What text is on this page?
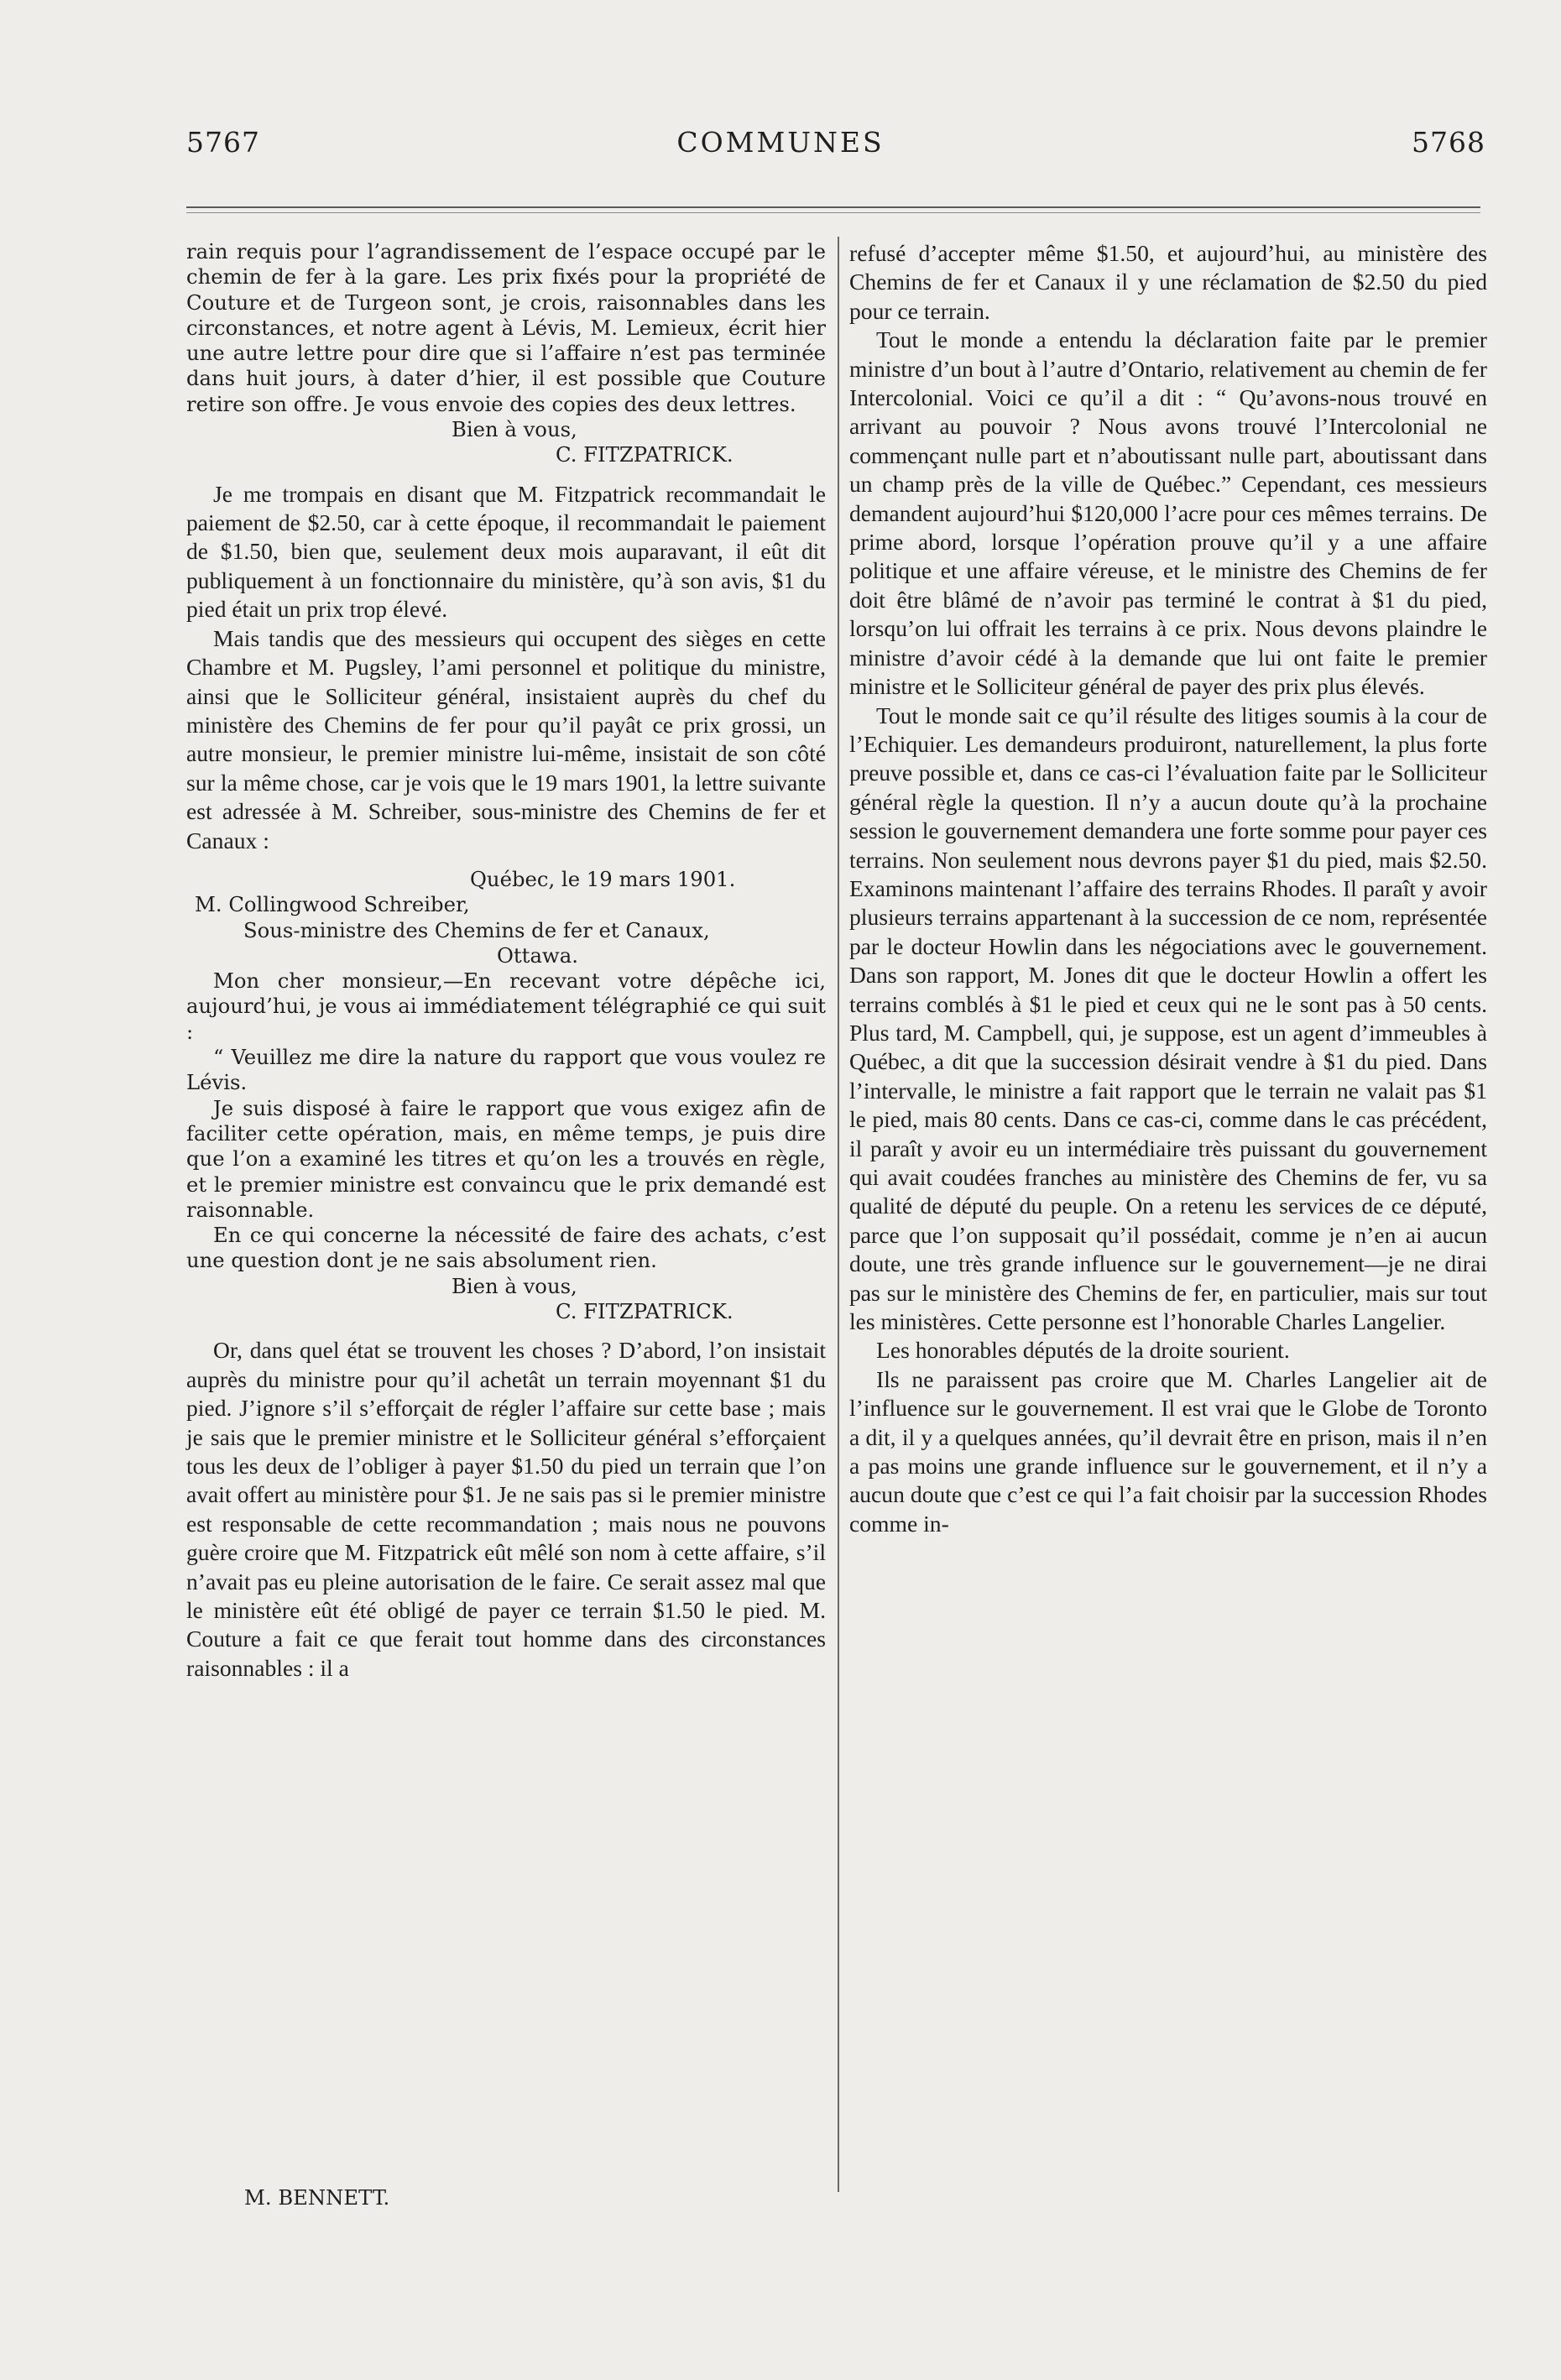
5767	COMMUNES	5768

rain requis pour l’agrandissement de l’espace occupé par le chemin de fer à la gare. Les prix fixés pour la propriété de Couture et de Turgeon sont, je crois, raisonnables dans les circonstances, et notre agent à Lévis, M. Lemieux, écrit hier une autre lettre pour dire que si l’affaire n’est pas terminée dans huit jours, à dater d’hier, il est possible que Couture retire son offre. Je vous envoie des copies des deux lettres.

Bien à vous,

C. FITZPATRICK.

Je me trompais en disant que M. Fitzpatrick recommandait le paiement de $2.50, car à cette époque, il recommandait le paiement de $1.50, bien que, seulement deux mois auparavant, il eût dit publiquement à un fonctionnaire du ministère, qu’à son avis, $1 du pied était un prix trop élevé.

Mais tandis que des messieurs qui occupent des sièges en cette Chambre et M. Pugsley, l’ami personnel et politique du ministre, ainsi que le Solliciteur général, insistaient auprès du chef du ministère des Chemins de fer pour qu’il payât ce prix grossi, un autre monsieur, le premier ministre lui-même, insistait de son côté sur la même chose, car je vois que le 19 mars 1901, la lettre suivante est adressée à M. Schreiber, sous-ministre des Chemins de fer et Canaux :

Québec, le 19 mars 1901.

M. Collingwood Schreiber,

Sous-ministre des Chemins de fer et Canaux,

Ottawa.

Mon cher monsieur,—En recevant votre dépêche ici, aujourd’hui, je vous ai immédiatement télégraphié ce qui suit :

“ Veuillez me dire la nature du rapport que vous voulez re Lévis.

Je suis disposé à faire le rapport que vous exigez afin de faciliter cette opération, mais, en même temps, je puis dire que l’on a examiné les titres et qu’on les a trouvés en règle, et le premier ministre est convaincu que le prix demandé est raisonnable.

En ce qui concerne la nécessité de faire des achats, c’est une question dont je ne sais absolument rien.

Bien à vous,

C. FITZPATRICK.

Or, dans quel état se trouvent les choses ? D’abord, l’on insistait auprès du ministre pour qu’il achetât un terrain moyennant $1 du pied. J’ignore s’il s’efforçait de régler l’affaire sur cette base ; mais je sais que le premier ministre et le Solliciteur général s’efforçaient tous les deux de l’obliger à payer $1.50 du pied un terrain que l’on avait offert au ministère pour $1. Je ne sais pas si le premier ministre est responsable de cette recommandation ; mais nous ne pouvons guère croire que M. Fitzpatrick eût mêlé son nom à cette affaire, s’il n’avait pas eu pleine autorisation de le faire. Ce serait assez mal que le ministère eût été obligé de payer ce terrain $1.50 le pied. M. Couture a fait ce que ferait tout homme dans des circonstances raisonnables : il a

refusé d’accepter même $1.50, et aujourd’hui, au ministère des Chemins de fer et Canaux il y une réclamation de $2.50 du pied pour ce terrain.

Tout le monde a entendu la déclaration faite par le premier ministre d’un bout à l’autre d’Ontario, relativement au chemin de fer Intercolonial. Voici ce qu’il a dit : “ Qu’avons-nous trouvé en arrivant au pouvoir ? Nous avons trouvé l’Intercolonial ne commençant nulle part et n’aboutissant nulle part, aboutissant dans un champ près de la ville de Québec.” Cependant, ces messieurs demandent aujourd’hui $120,000 l’acre pour ces mêmes terrains. De prime abord, lorsque l’opération prouve qu’il y a une affaire politique et une affaire véreuse, et le ministre des Chemins de fer doit être blâmé de n’avoir pas terminé le contrat à $1 du pied, lorsqu’on lui offrait les terrains à ce prix. Nous devons plaindre le ministre d’avoir cédé à la demande que lui ont faite le premier ministre et le Solliciteur général de payer des prix plus élevés.

Tout le monde sait ce qu’il résulte des litiges soumis à la cour de l’Echiquier. Les demandeurs produiront, naturellement, la plus forte preuve possible et, dans ce cas-ci l’évaluation faite par le Solliciteur général règle la question. Il n’y a aucun doute qu’à la prochaine session le gouvernement demandera une forte somme pour payer ces terrains. Non seulement nous devrons payer $1 du pied, mais $2.50. Examinons maintenant l’affaire des terrains Rhodes. Il paraît y avoir plusieurs terrains appartenant à la succession de ce nom, représentée par le docteur Howlin dans les négociations avec le gouvernement. Dans son rapport, M. Jones dit que le docteur Howlin a offert les terrains comblés à $1 le pied et ceux qui ne le sont pas à 50 cents. Plus tard, M. Campbell, qui, je suppose, est un agent d’immeubles à Québec, a dit que la succession désirait vendre à $1 du pied. Dans l’intervalle, le ministre a fait rapport que le terrain ne valait pas $1 le pied, mais 80 cents. Dans ce cas-ci, comme dans le cas précédent, il paraît y avoir eu un intermédiaire très puissant du gouvernement qui avait coudées franches au ministère des Chemins de fer, vu sa qualité de député du peuple. On a retenu les services de ce député, parce que l’on supposait qu’il possédait, comme je n’en ai aucun doute, une très grande influence sur le gouvernement—je ne dirai pas sur le ministère des Chemins de fer, en particulier, mais sur tout les ministères. Cette personne est l’honorable Charles Langelier.

Les honorables députés de la droite sourient.

Ils ne paraissent pas croire que M. Charles Langelier ait de l’influence sur le gouvernement. Il est vrai que le Globe de Toronto a dit, il y a quelques années, qu’il devrait être en prison, mais il n’en a pas moins une grande influence sur le gouvernement, et il n’y a aucun doute que c’est ce qui l’a fait choisir par la succession Rhodes comme in-

M. BENNETT.
